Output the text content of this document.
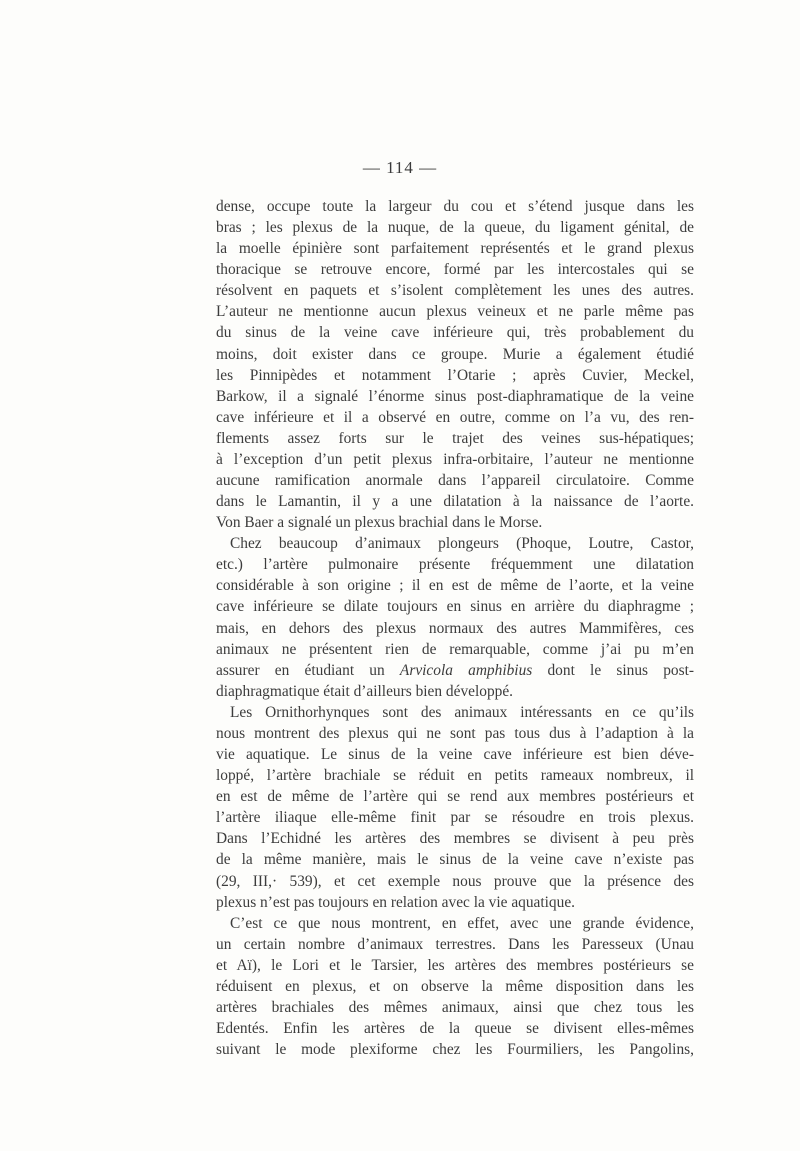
— 114 —
dense, occupe toute la largeur du cou et s’étend jusque dans les
bras ; les plexus de la nuque, de la queue, du ligament génital, de
la moelle épinière sont parfaitement représentés et le grand plexus
thoracique se retrouve encore, formé par les intercostales qui se
résolvent en paquets et s’isolent complètement les unes des autres.
L’auteur ne mentionne aucun plexus veineux et ne parle même pas
du sinus de la veine cave inférieure qui, très probablement du
moins, doit exister dans ce groupe. Murie a également étudié
les Pinnipèdes et notamment l’Otarie ; après Cuvier, Meckel,
Barkow, il a signalé l’énorme sinus post-diaphramatique de la veine
cave inférieure et il a observé en outre, comme on l’a vu, des ren-
flements assez forts sur le trajet des veines sus-hépatiques;
à l’exception d’un petit plexus infra-orbitaire, l’auteur ne mentionne
aucune ramification anormale dans l’appareil circulatoire. Comme
dans le Lamantin, il y a une dilatation à la naissance de l’aorte.
Von Baer a signalé un plexus brachial dans le Morse.
Chez beaucoup d’animaux plongeurs (Phoque, Loutre, Castor,
etc.) l’artère pulmonaire présente fréquemment une dilatation
considérable à son origine ; il en est de même de l’aorte, et la veine
cave inférieure se dilate toujours en sinus en arrière du diaphragme ;
mais, en dehors des plexus normaux des autres Mammifères, ces
animaux ne présentent rien de remarquable, comme j’ai pu m’en
assurer en étudiant un Arvicola amphibius dont le sinus post-
diaphragmatique était d’ailleurs bien développé.
Les Ornithorhynques sont des animaux intéressants en ce qu’ils
nous montrent des plexus qui ne sont pas tous dus à l’adaption à la
vie aquatique. Le sinus de la veine cave inférieure est bien déve-
loppé, l’artère brachiale se réduit en petits rameaux nombreux, il
en est de même de l’artère qui se rend aux membres postérieurs et
l’artère iliaque elle-même finit par se résoudre en trois plexus.
Dans l’Echidné les artères des membres se divisent à peu près
de la même manière, mais le sinus de la veine cave n’existe pas
(29, III,· 539), et cet exemple nous prouve que la présence des
plexus n’est pas toujours en relation avec la vie aquatique.
C’est ce que nous montrent, en effet, avec une grande évidence,
un certain nombre d’animaux terrestres. Dans les Paresseux (Unau
et Aï), le Lori et le Tarsier, les artères des membres postérieurs se
réduisent en plexus, et on observe la même disposition dans les
artères brachiales des mêmes animaux, ainsi que chez tous les
Edentés. Enfin les artères de la queue se divisent elles-mêmes
suivant le mode plexiforme chez les Fourmiliers, les Pangolins,
